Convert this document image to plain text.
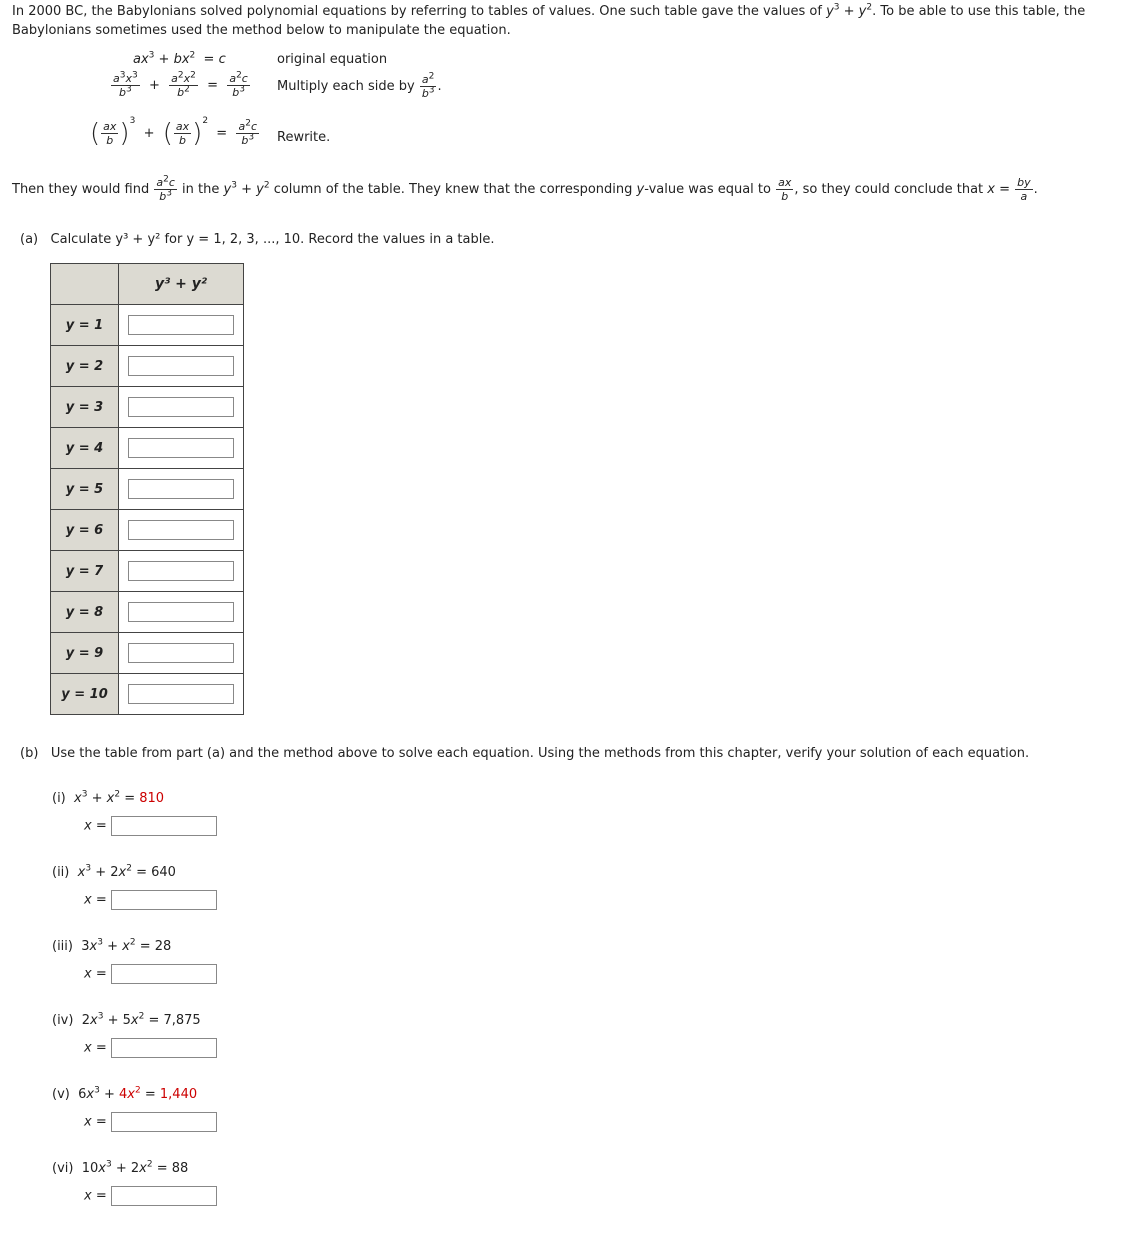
In 2000 BC, the Babylonians solved polynomial equations by referring to tables of values. One such table gave the values of $y^3 + y^2$. To be able to use this table, the Babylonians sometimes used the method below to manipulate the equation.
$ax^3 + bx^2 = c$	original equation
$\frac{a^3x^3}{b^3} + \frac{a^2x^2}{b^2} = \frac{a^2c}{b^3}$ Multiply each side by $\frac{a^2}{b^3}$ .
( $\frac{ax}{b} )^3$  +  ( $\frac{ax}{b} )^2 = \frac{a^2c}{b^3}$ Rewrite.
Then they would find $\frac{a^2c}{b^3}$ in the $y^3 + y^2$ column of the table. They knew that the corresponding y-value was equal to $\frac{ax}{b}$ , so they could conclude that $x = \frac{by}{a}$ .
(a) Calculate y³ + y² for y = 1, 2, 3, ..., 10. Record the values in a table.
	y³ + y²
y = 1	

y = 2	

y = 3	

y = 4	

y = 5	

y = 6	

y = 7	

y = 8	

y = 9	

y = 10	
(b) Use the table from part (a) and the method above to solve each equation. Using the methods from this chapter, verify your solution of each equation.
(i) $x^3 + x^2 = 810$
x =
(ii) $x^3 + 2x^2 = 640$
x =
(iii)  $3x^3 + x^2 = 28$
x =
(iv)  $2x^3 + 5x^2 = 7,875$
x =
(v)  $6x^3 + 4x^2 = 1,440$
x =
(vi)  $10x^3 + 2x^2 = 88$
x =
